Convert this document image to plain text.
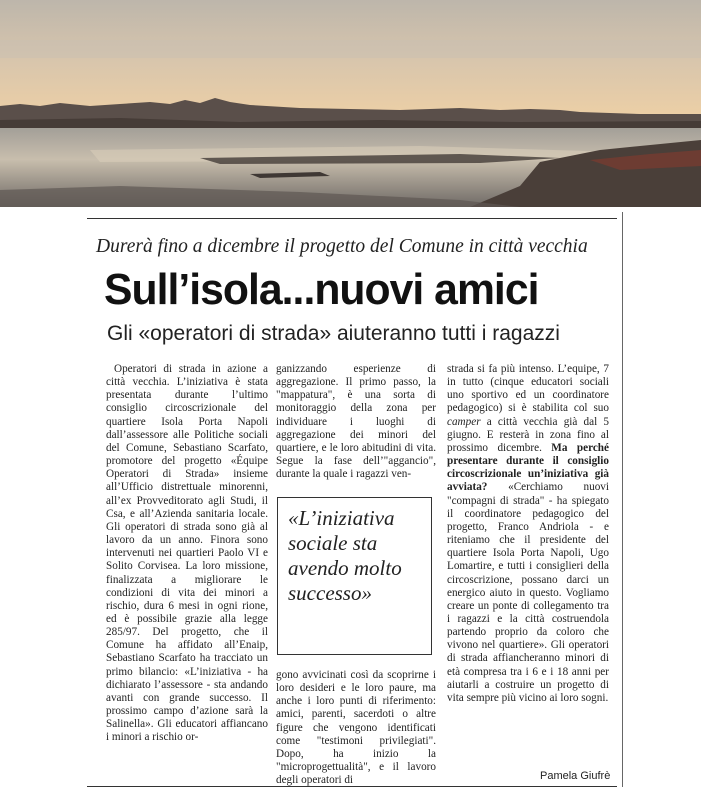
Durerà fino a dicembre il progetto del Comune in città vecchia
Sull’isola...nuovi amici
Gli «operatori di strada» aiuteranno tutti i ragazzi

Operatori di strada in azione a città vecchia. L’iniziativa è stata presentata durante l’ultimo consiglio circoscrizionale del quartiere Isola Porta Napoli dall’assessore alle Politiche sociali del Comune, Sebastiano Scarfato, promotore del progetto «Équipe Operatori di Strada» insieme all’Ufficio distrettuale minorenni, all’ex Provveditorato agli Studi, il Csa, e all’Azienda sanitaria locale. Gli operatori di strada sono già al lavoro da un anno. Finora sono intervenuti nei quartieri Paolo VI e Solito Corvisea. La loro missione, finalizzata a migliorare le condizioni di vita dei minori a rischio, dura 6 mesi in ogni rione, ed è possibile grazie alla legge 285/97. Del progetto, che il Comune ha affidato all’Enaip, Sebastiano Scarfato ha tracciato un primo bilancio: «L’iniziativa - ha dichiarato l’assessore - sta andando avanti con grande successo. Il prossimo campo d’azione sarà la Salinella». Gli educatori affiancano i minori a rischio or-

ganizzando esperienze di aggregazione. Il primo passo, la "mappatura", è una sorta di monitoraggio della zona per individuare i luoghi di aggregazione dei minori del quartiere, e le loro abitudini di vita. Segue la fase dell’"aggancio", durante la quale i ragazzi ven-

«L’iniziativa sociale sta avendo molto successo»

gono avvicinati così da scoprirne i loro desideri e le loro paure, ma anche i loro punti di riferimento: amici, parenti, sacerdoti o altre figure che vengono identificati come "testimoni privilegiati". Dopo, ha inizio la "microprogettualità", e il lavoro degli operatori di

strada si fa più intenso. L’equipe, 7 in tutto (cinque educatori sociali uno sportivo ed un coordinatore pedagogico) si è stabilita col suo camper a città vecchia già dal 5 giugno. E resterà in zona fino al prossimo dicembre. Ma perché presentare durante il consiglio circoscrizionale un’iniziativa già avviata? «Cerchiamo nuovi "compagni di strada" - ha spiegato il coordinatore pedagogico del progetto, Franco Andriola - e riteniamo che il presidente del quartiere Isola Porta Napoli, Ugo Lomartire, e tutti i consiglieri della circoscrizione, possano darci un energico aiuto in questo. Vogliamo creare un ponte di collegamento tra i ragazzi e la città costruendola partendo proprio da coloro che vivono nel quartiere». Gli operatori di strada affiancheranno minori di età compresa tra i 6 e i 18 anni per aiutarli a costruire un progetto di vita sempre più vicino ai loro sogni.

Pamela Giufrè
